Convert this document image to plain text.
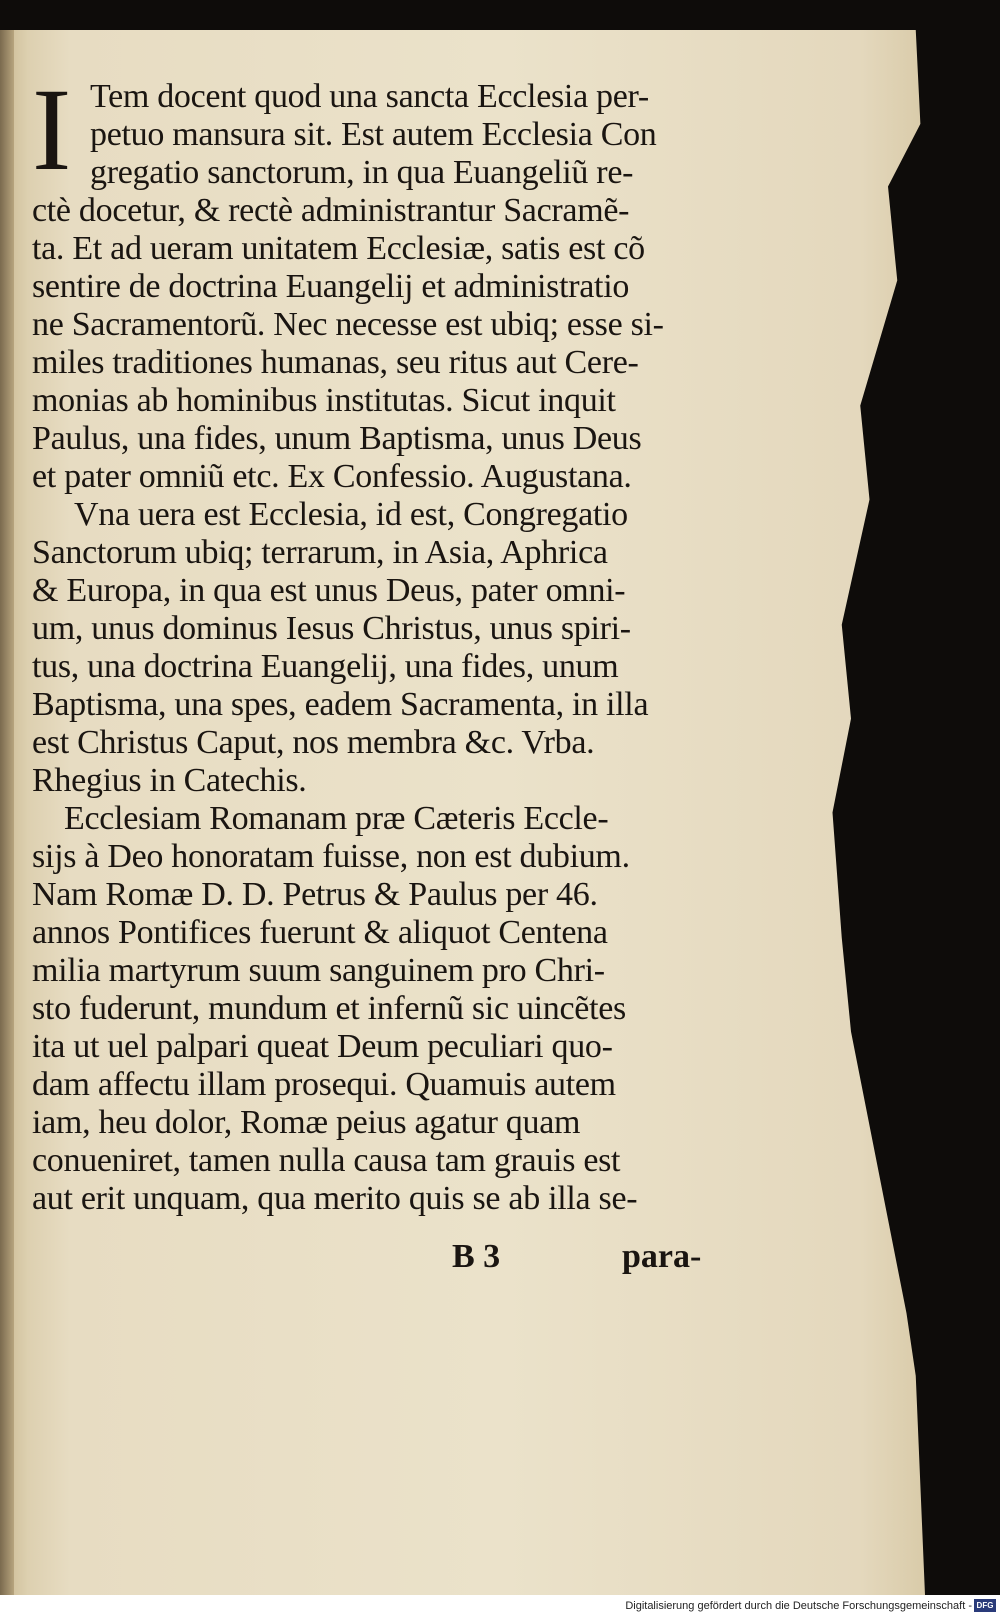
I Tem docent quod una sancta Ecclesia per-
petuo mansura sit. Est autem Ecclesia Con
gregatio sanctorum, in qua Euangeliũ re-
ctè docetur, & rectè administrantur Sacramẽ-
ta. Et ad ueram unitatem Ecclesiæ, satis est cõ
sentire de doctrina Euangelij et administratio
ne Sacramentorũ. Nec necesse est ubiq; esse si-
miles traditiones humanas, seu ritus aut Cere-
monias ab hominibus institutas. Sicut inquit
Paulus, una fides, unum Baptisma, unus Deus
et pater omniũ etc. Ex Confessio. Augustana.
Vna uera est Ecclesia, id est, Congregatio
Sanctorum ubiq; terrarum, in Asia, Aphrica
& Europa, in qua est unus Deus, pater omni-
um, unus dominus Iesus Christus, unus spiri-
tus, una doctrina Euangelij, una fides, unum
Baptisma, una spes, eadem Sacramenta, in illa
est Christus Caput, nos membra &c. Vrba.
Rhegius in Catechis.
Ecclesiam Romanam præ Cæteris Eccle-
sijs à Deo honoratam fuisse, non est dubium.
Nam Romæ D. D. Petrus & Paulus per 46.
annos Pontifices fuerunt & aliquot Centena
milia martyrum suum sanguinem pro Chri-
sto fuderunt, mundum et infernũ sic uincẽtes
ita ut uel palpari queat Deum peculiari quo-
dam affectu illam prosequi. Quamuis autem
iam, heu dolor, Romæ peius agatur quam
conueniret, tamen nulla causa tam grauis est
aut erit unquam, qua merito quis se ab illa se-
B 3	para-
Digitalisierung gefördert durch die Deutsche Forschungsgemeinschaft - DFG
